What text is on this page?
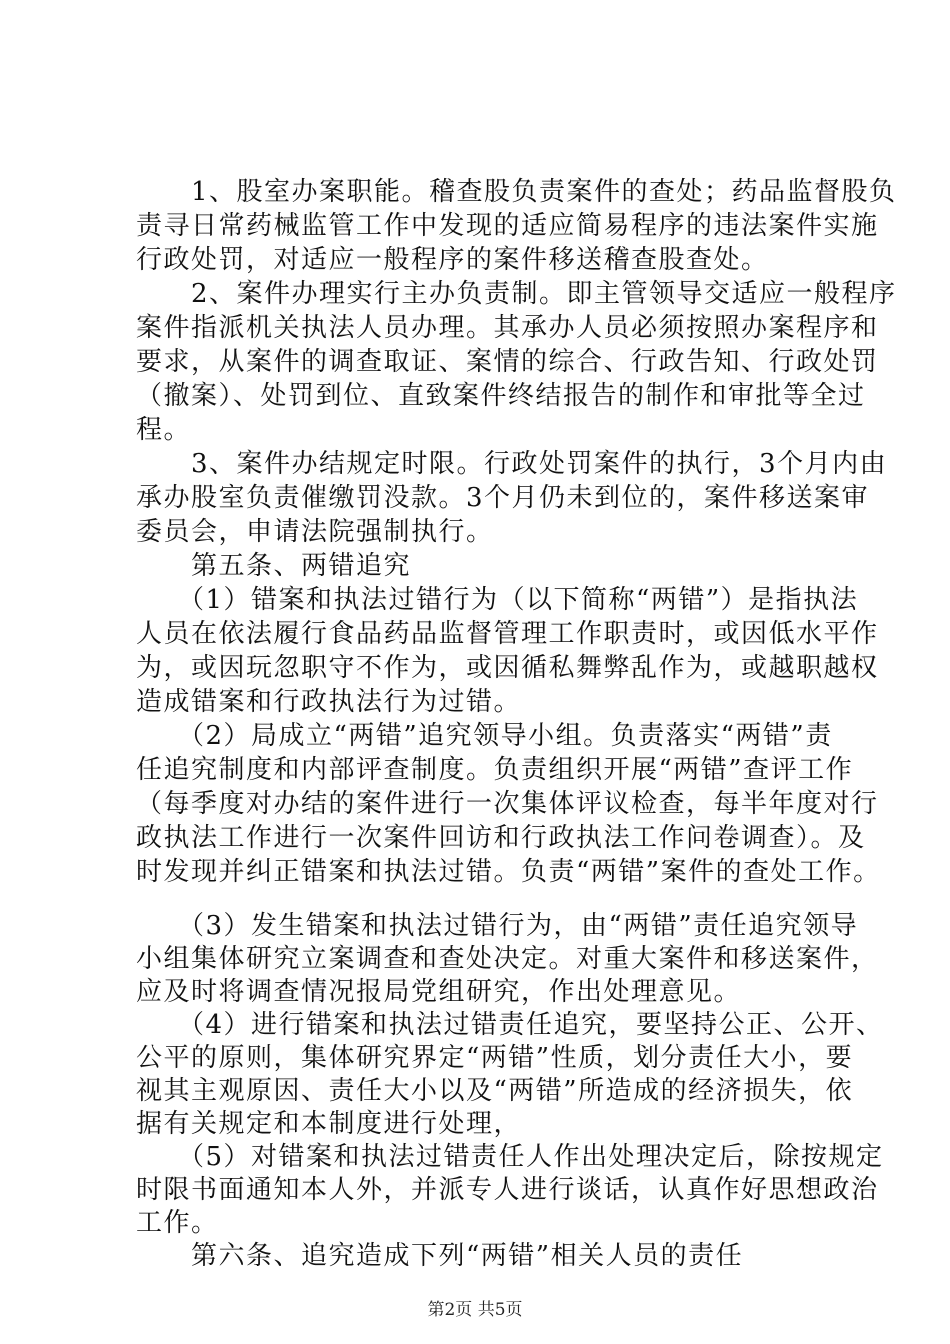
　　1、股室办案职能。稽查股负责案件的查处；药品监督股负
责寻日常药械监管工作中发现的适应简易程序的违法案件实施
行政处罚，对适应一般程序的案件移送稽查股查处。
　　2、案件办理实行主办负责制。即主管领导交适应一般程序
案件指派机关执法人员办理。其承办人员必须按照办案程序和
要求，从案件的调查取证、案情的综合、行政告知、行政处罚
（撤案）、处罚到位、直致案件终结报告的制作和审批等全过
程。
　　3、案件办结规定时限。行政处罚案件的执行，3个月内由
承办股室负责催缴罚没款。3个月仍未到位的，案件移送案审
委员会，申请法院强制执行。
　　第五条、两错追究
　　（1）错案和执法过错行为（以下简称“两错”）是指执法
人员在依法履行食品药品监督管理工作职责时，或因低水平作
为，或因玩忽职守不作为，或因循私舞弊乱作为，或越职越权
造成错案和行政执法行为过错。
　　（2）局成立“两错”追究领导小组。负责落实“两错”责
任追究制度和内部评查制度。负责组织开展“两错”查评工作
（每季度对办结的案件进行一次集体评议检查，每半年度对行
政执法工作进行一次案件回访和行政执法工作问卷调查）。及
时发现并纠正错案和执法过错。负责“两错”案件的查处工作。
　　（3）发生错案和执法过错行为，由“两错”责任追究领导
小组集体研究立案调查和查处决定。对重大案件和移送案件，
应及时将调查情况报局党组研究，作出处理意见。
　　（4）进行错案和执法过错责任追究，要坚持公正、公开、
公平的原则，集体研究界定“两错”性质，划分责任大小，要
视其主观原因、责任大小以及“两错”所造成的经济损失，依
据有关规定和本制度进行处理，
　　（5）对错案和执法过错责任人作出处理决定后，除按规定
时限书面通知本人外，并派专人进行谈话，认真作好思想政治
工作。
第2页 共5页
　　第六条、追究造成下列“两错”相关人员的责任
